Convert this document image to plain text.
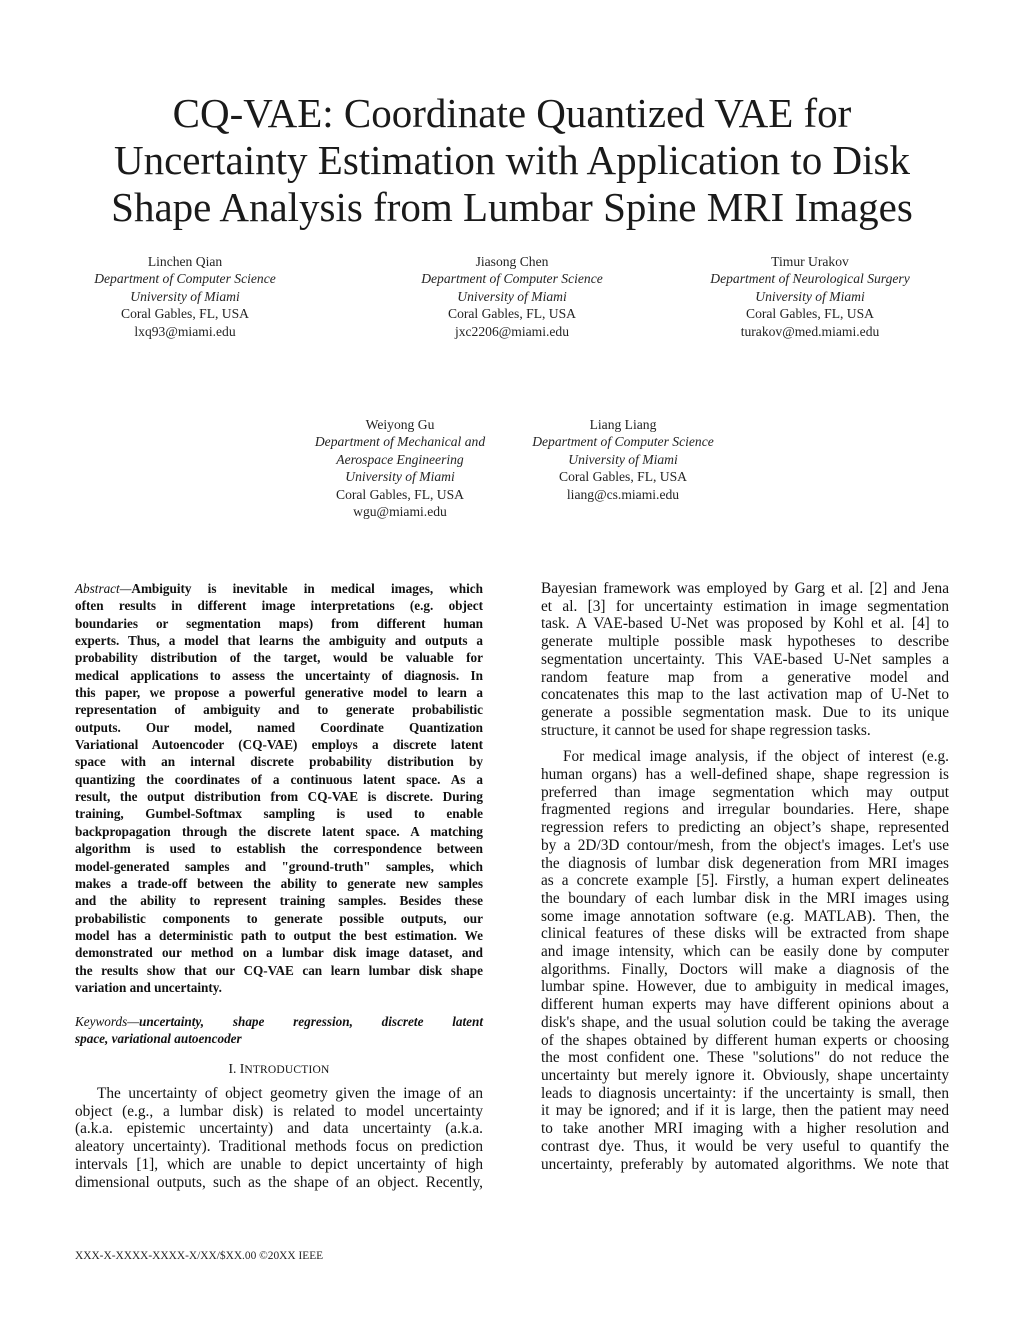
CQ-VAE: Coordinate Quantized VAE for
Uncertainty Estimation with Application to Disk
Shape Analysis from Lumbar Spine MRI Images
Linchen Qian
Department of Computer Science
University of Miami
Coral Gables, FL, USA
lxq93@miami.edu
Jiasong Chen
Department of Computer Science
University of Miami
Coral Gables, FL, USA
jxc2206@miami.edu
Timur Urakov
Department of Neurological Surgery
University of Miami
Coral Gables, FL, USA
turakov@med.miami.edu
Weiyong Gu
Department of Mechanical and
Aerospace Engineering
University of Miami
Coral Gables, FL, USA
wgu@miami.edu
Liang Liang
Department of Computer Science
University of Miami
Coral Gables, FL, USA
liang@cs.miami.edu
Abstract—Ambiguity is inevitable in medical images, which
often results in different image interpretations (e.g. object
boundaries or segmentation maps) from different human
experts. Thus, a model that learns the ambiguity and outputs a
probability distribution of the target, would be valuable for
medical applications to assess the uncertainty of diagnosis. In
this paper, we propose a powerful generative model to learn a
representation of ambiguity and to generate probabilistic
outputs. Our model, named Coordinate Quantization
Variational Autoencoder (CQ-VAE) employs a discrete latent
space with an internal discrete probability distribution by
quantizing the coordinates of a continuous latent space. As a
result, the output distribution from CQ-VAE is discrete. During
training, Gumbel-Softmax sampling is used to enable
backpropagation through the discrete latent space. A matching
algorithm is used to establish the correspondence between
model-generated samples and "ground-truth" samples, which
makes a trade-off between the ability to generate new samples
and the ability to represent training samples. Besides these
probabilistic components to generate possible outputs, our
model has a deterministic path to output the best estimation. We
demonstrated our method on a lumbar disk image dataset, and
the results show that our CQ-VAE can learn lumbar disk shape
variation and uncertainty.
Keywords—uncertainty, shape regression, discrete latent
space, variational autoencoder
I. INTRODUCTION
The uncertainty of object geometry given the image of an
object (e.g., a lumbar disk) is related to model uncertainty
(a.k.a. epistemic uncertainty) and data uncertainty (a.k.a.
aleatory uncertainty). Traditional methods focus on prediction
intervals [1], which are unable to depict uncertainty of high
dimensional outputs, such as the shape of an object. Recently,
Bayesian framework was employed by Garg et al. [2] and Jena
et al. [3] for uncertainty estimation in image segmentation
task. A VAE-based U-Net was proposed by Kohl et al. [4] to
generate multiple possible mask hypotheses to describe
segmentation uncertainty. This VAE-based U-Net samples a
random feature map from a generative model and
concatenates this map to the last activation map of U-Net to
generate a possible segmentation mask. Due to its unique
structure, it cannot be used for shape regression tasks.
For medical image analysis, if the object of interest (e.g.
human organs) has a well-defined shape, shape regression is
preferred than image segmentation which may output
fragmented regions and irregular boundaries. Here, shape
regression refers to predicting an object’s shape, represented
by a 2D/3D contour/mesh, from the object's images. Let's use
the diagnosis of lumbar disk degeneration from MRI images
as a concrete example [5]. Firstly, a human expert delineates
the boundary of each lumbar disk in the MRI images using
some image annotation software (e.g. MATLAB). Then, the
clinical features of these disks will be extracted from shape
and image intensity, which can be easily done by computer
algorithms. Finally, Doctors will make a diagnosis of the
lumbar spine. However, due to ambiguity in medical images,
different human experts may have different opinions about a
disk's shape, and the usual solution could be taking the average
of the shapes obtained by different human experts or choosing
the most confident one. These "solutions" do not reduce the
uncertainty but merely ignore it. Obviously, shape uncertainty
leads to diagnosis uncertainty: if the uncertainty is small, then
it may be ignored; and if it is large, then the patient may need
to take another MRI imaging with a higher resolution and
contrast dye. Thus, it would be very useful to quantify the
uncertainty, preferably by automated algorithms. We note that
XXX-X-XXXX-XXXX-X/XX/$XX.00 ©20XX IEEE
